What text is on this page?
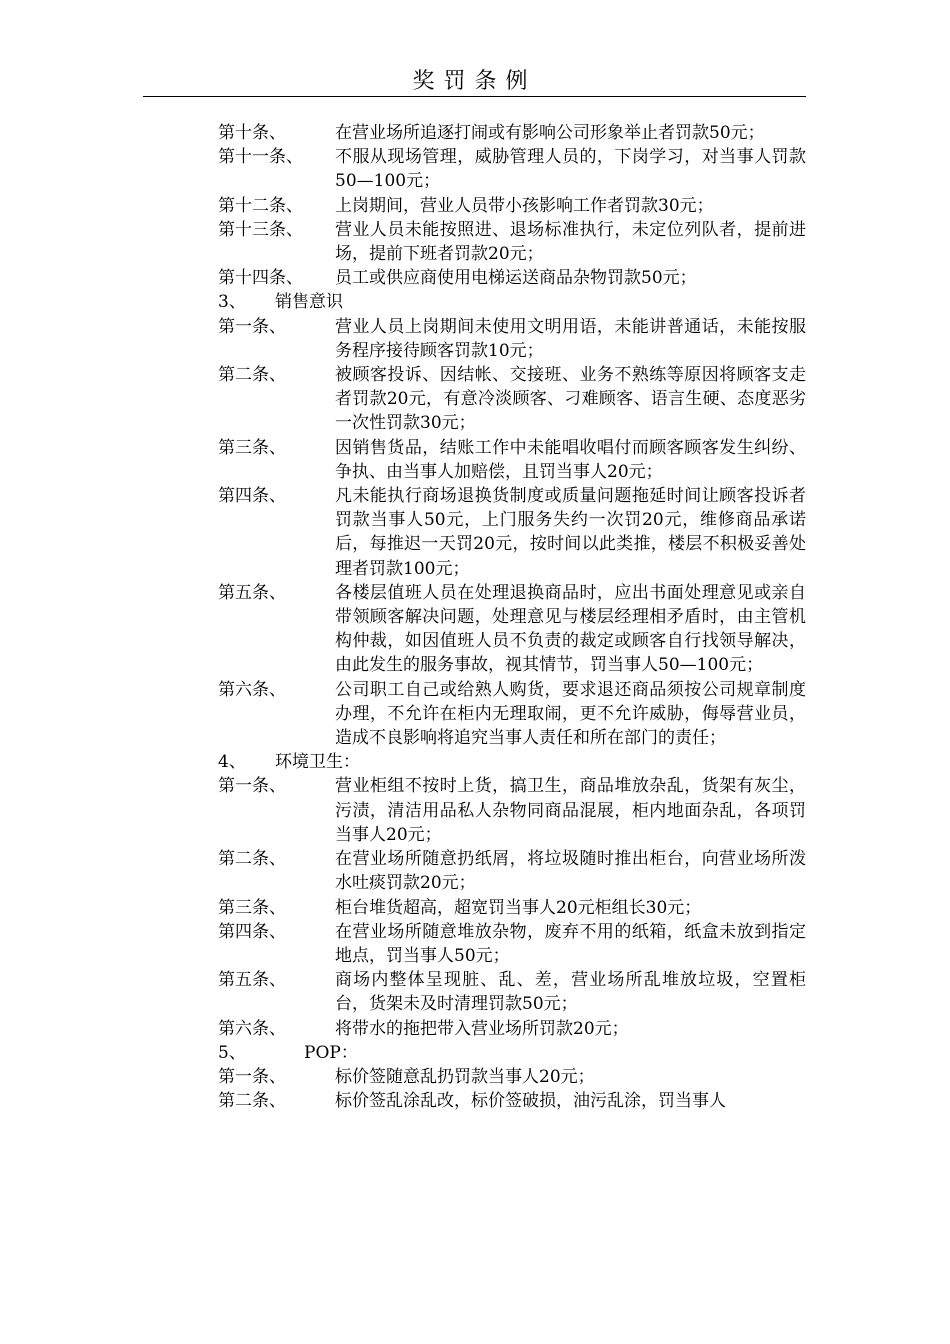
奖罚条例
第十条、	在营业场所追逐打闹或有影响公司形象举止者罚款50元；
第十一条、	不服从现场管理，威胁管理人员的，下岗学习，对当事人罚款50—100元；
第十二条、	上岗期间，营业人员带小孩影响工作者罚款30元；
第十三条、	营业人员未能按照进、退场标准执行，未定位列队者，提前进场，提前下班者罚款20元；
第十四条、	员工或供应商使用电梯运送商品杂物罚款50元；
3、	销售意识
第一条、	营业人员上岗期间未使用文明用语，未能讲普通话，未能按服务程序接待顾客罚款10元；
第二条、	被顾客投诉、因结帐、交接班、业务不熟练等原因将顾客支走者罚款20元，有意冷淡顾客、刁难顾客、语言生硬、态度恶劣一次性罚款30元；
第三条、	因销售货品，结账工作中未能唱收唱付而顾客顾客发生纠纷、争执、由当事人加赔偿，且罚当事人20元；
第四条、	凡未能执行商场退换货制度或质量问题拖延时间让顾客投诉者罚款当事人50元，上门服务失约一次罚20元，维修商品承诺后，每推迟一天罚20元，按时间以此类推，楼层不积极妥善处理者罚款100元；
第五条、	各楼层值班人员在处理退换商品时，应出书面处理意见或亲自带领顾客解决问题，处理意见与楼层经理相矛盾时，由主管机构仲裁，如因值班人员不负责的裁定或顾客自行找领导解决，由此发生的服务事故，视其情节，罚当事人50—100元；
第六条、	公司职工自己或给熟人购货，要求退还商品须按公司规章制度办理，不允许在柜内无理取闹，更不允许威胁，侮辱营业员，造成不良影响将追究当事人责任和所在部门的责任；
4、	环境卫生：
第一条、	营业柜组不按时上货，搞卫生，商品堆放杂乱，货架有灰尘，污渍，清洁用品私人杂物同商品混展，柜内地面杂乱，各项罚当事人20元；
第二条、	在营业场所随意扔纸屑，将垃圾随时推出柜台，向营业场所泼水吐痰罚款20元；
第三条、	柜台堆货超高，超宽罚当事人20元柜组长30元；
第四条、	在营业场所随意堆放杂物，废弃不用的纸箱，纸盒未放到指定地点，罚当事人50元；
第五条、	商场内整体呈现脏、乱、差，营业场所乱堆放垃圾，空置柜台，货架未及时清理罚款50元；
第六条、	将带水的拖把带入营业场所罚款20元；
5、	POP：
第一条、	标价签随意乱扔罚款当事人20元；
第二条、	标价签乱涂乱改，标价签破损，油污乱涂，罚当事人
